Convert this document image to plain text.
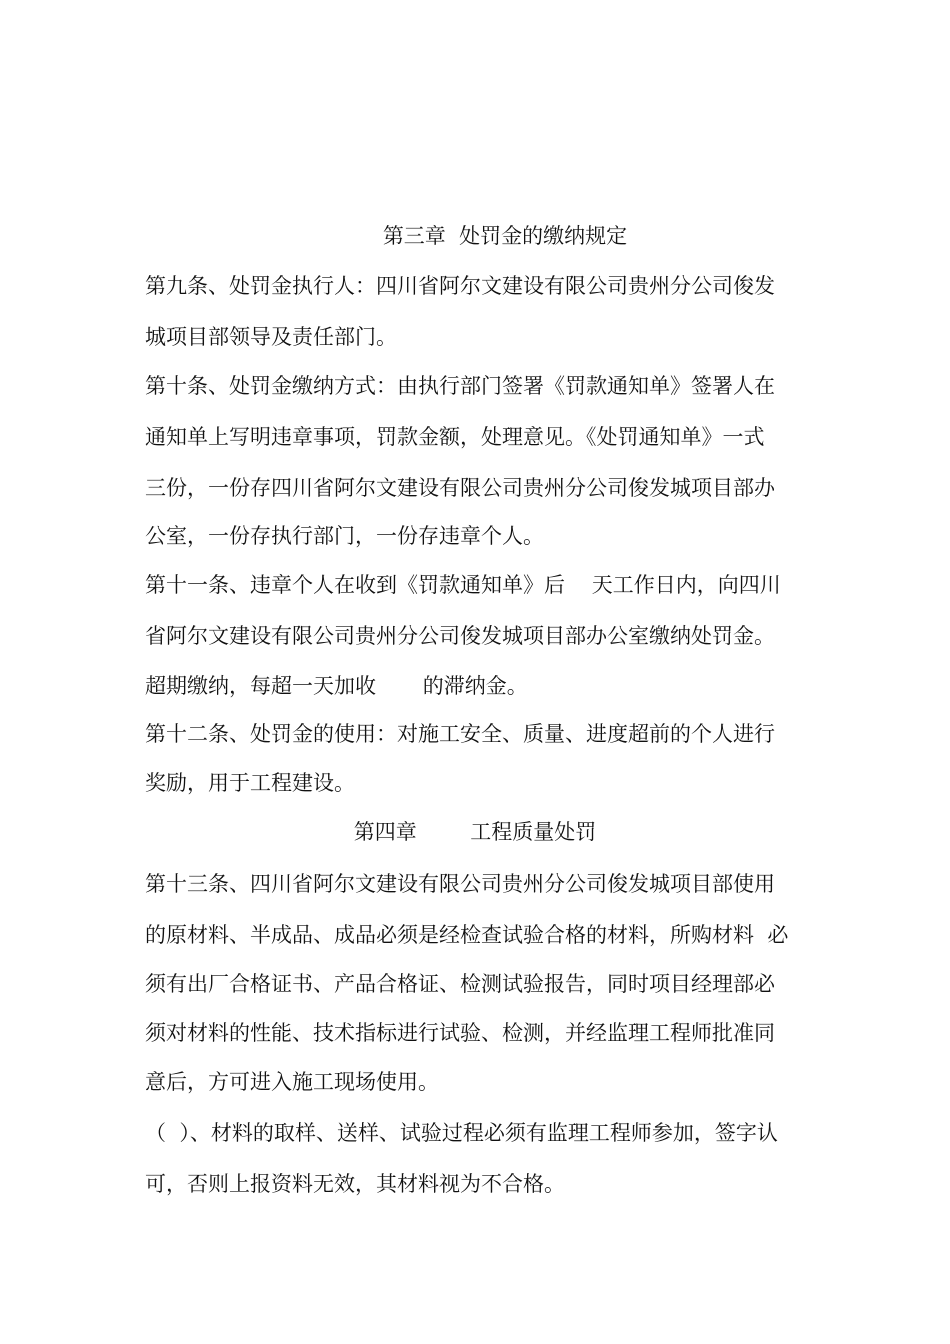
第三章  处罚金的缴纳规定
第九条、处罚金执行人：四川省阿尔文建设有限公司贵州分公司俊发
城项目部领导及责任部门。
第十条、处罚金缴纳方式：由执行部门签署《罚款通知单》签署人在
通知单上写明违章事项，罚款金额，处理意见。《处罚通知单》一式
三份，一份存四川省阿尔文建设有限公司贵州分公司俊发城项目部办
公室，一份存执行部门，一份存违章个人。
第十一条、违章个人在收到《罚款通知单》后    天工作日内，向四川
省阿尔文建设有限公司贵州分公司俊发城项目部办公室缴纳处罚金。
超期缴纳，每超一天加收       的滞纳金。
第十二条、处罚金的使用：对施工安全、质量、进度超前的个人进行
奖励，用于工程建设。
第四章        工程质量处罚
第十三条、四川省阿尔文建设有限公司贵州分公司俊发城项目部使用
的原材料、半成品、成品必须是经检查试验合格的材料，所购材料  必
须有出厂合格证书、产品合格证、检测试验报告，同时项目经理部必
须对材料的性能、技术指标进行试验、检测，并经监理工程师批准同
意后，方可进入施工现场使用。
（  ）、材料的取样、送样、试验过程必须有监理工程师参加，签字认
可，否则上报资料无效，其材料视为不合格。
